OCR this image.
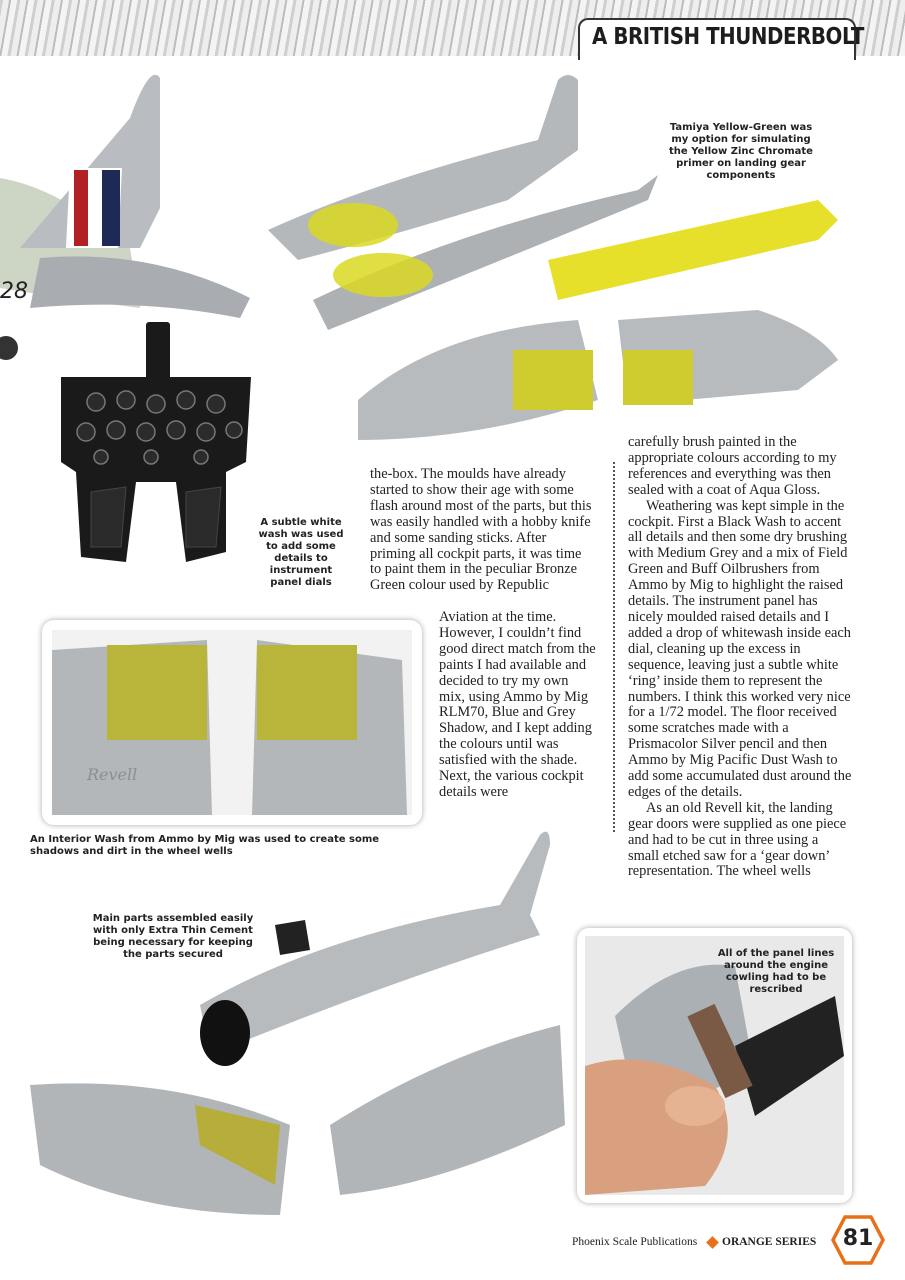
A BRITISH THUNDERBOLT
28
Tamiya Yellow-Green was my option for simulating the Yellow Zinc Chromate primer on landing gear components
A subtle white wash was used to add some details to instrument panel dials

the-box. The moulds have already started to show their age with some flash around most of the parts, but this was easily handled with a hobby knife and some sanding sticks. After priming all cockpit parts, it was time to paint them in the peculiar Bronze Green colour used by Republic

Aviation at the time. However, I couldn’t find good direct match from the paints I had available and decided to try my own mix, using Ammo by Mig RLM70, Blue and Grey Shadow, and I kept adding the colours until was satisfied with the shade. Next, the various cockpit details were

carefully brush painted in the appropriate colours according to my references and everything was then sealed with a coat of Aqua Gloss.

Weathering was kept simple in the cockpit. First a Black Wash to accent all details and then some dry brushing with Medium Grey and a mix of Field Green and Buff Oilbrushers from Ammo by Mig to highlight the raised details. The instrument panel has nicely moulded raised details and I added a drop of whitewash inside each dial, cleaning up the excess in sequence, leaving just a subtle white ‘ring’ inside them to represent the numbers. I think this worked very nice for a 1/72 model. The floor received some scratches made with a Prismacolor Silver pencil and then Ammo by Mig Pacific Dust Wash to add some accumulated dust around the edges of the details.

As an old Revell kit, the landing gear doors were supplied as one piece and had to be cut in three using a small etched saw for a ‘gear down’ representation. The wheel wells

Revell
An Interior Wash from Ammo by Mig was used to create some shadows and dirt in the wheel wells
Main parts assembled easily with only Extra Thin Cement being necessary for keeping the parts secured	All of the panel lines around the engine cowling had to be rescribed
Phoenix Scale Publications ORANGE SERIES	81
